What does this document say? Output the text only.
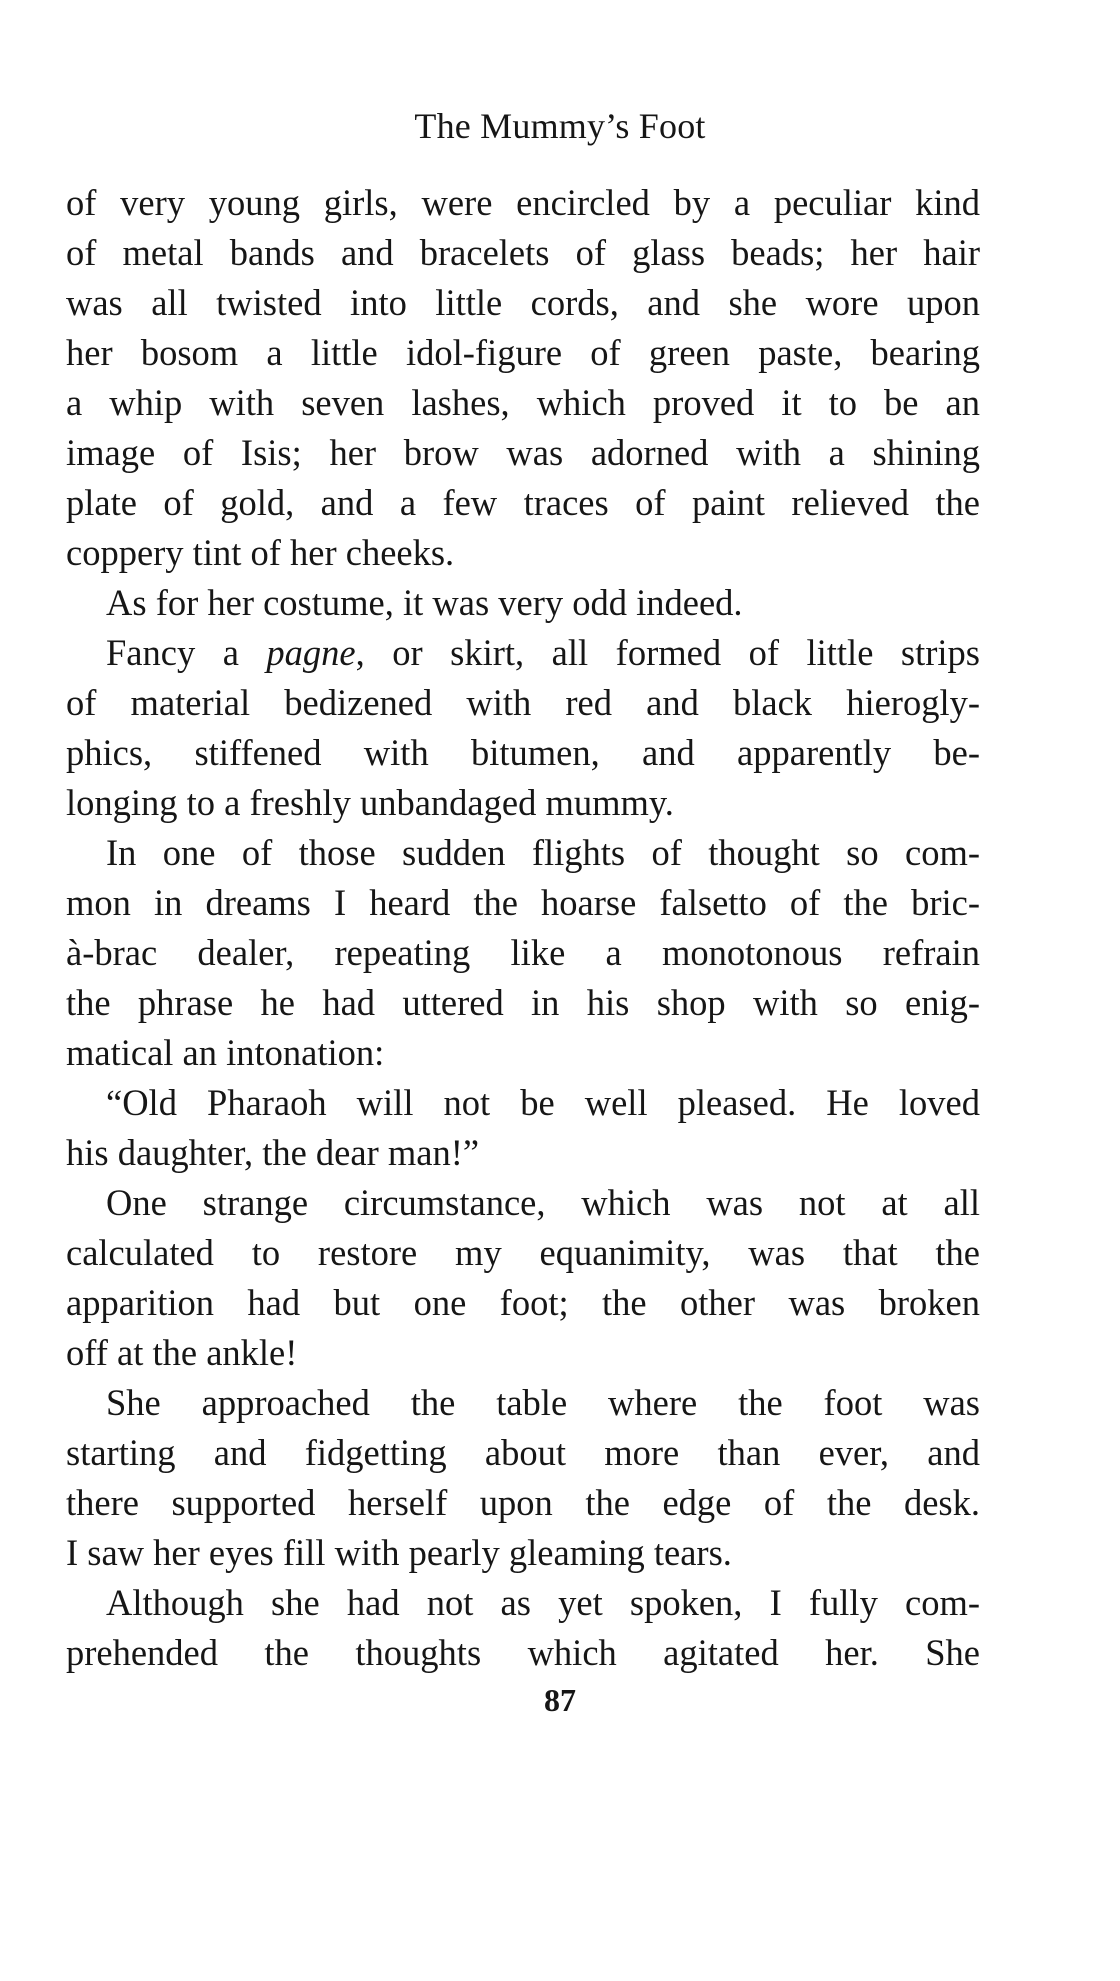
The Mummy’s Foot
of very young girls, were encircled by a peculiar kind
of metal bands and bracelets of glass beads; her hair
was all twisted into little cords, and she wore upon
her bosom a little idol-figure of green paste, bearing
a whip with seven lashes, which proved it to be an
image of Isis; her brow was adorned with a shining
plate of gold, and a few traces of paint relieved the
coppery tint of her cheeks.
As for her costume, it was very odd indeed.
Fancy a pagne, or skirt, all formed of little strips
of material bedizened with red and black hierogly-
phics, stiffened with bitumen, and apparently be-
longing to a freshly unbandaged mummy.
In one of those sudden flights of thought so com-
mon in dreams I heard the hoarse falsetto of the bric-
à-brac dealer, repeating like a monotonous refrain
the phrase he had uttered in his shop with so enig-
matical an intonation:
“Old Pharaoh will not be well pleased. He loved
his daughter, the dear man!”
One strange circumstance, which was not at all
calculated to restore my equanimity, was that the
apparition had but one foot; the other was broken
off at the ankle!
She approached the table where the foot was
starting and fidgetting about more than ever, and
there supported herself upon the edge of the desk.
I saw her eyes fill with pearly gleaming tears.
Although she had not as yet spoken, I fully com-
prehended the thoughts which agitated her. She
87
